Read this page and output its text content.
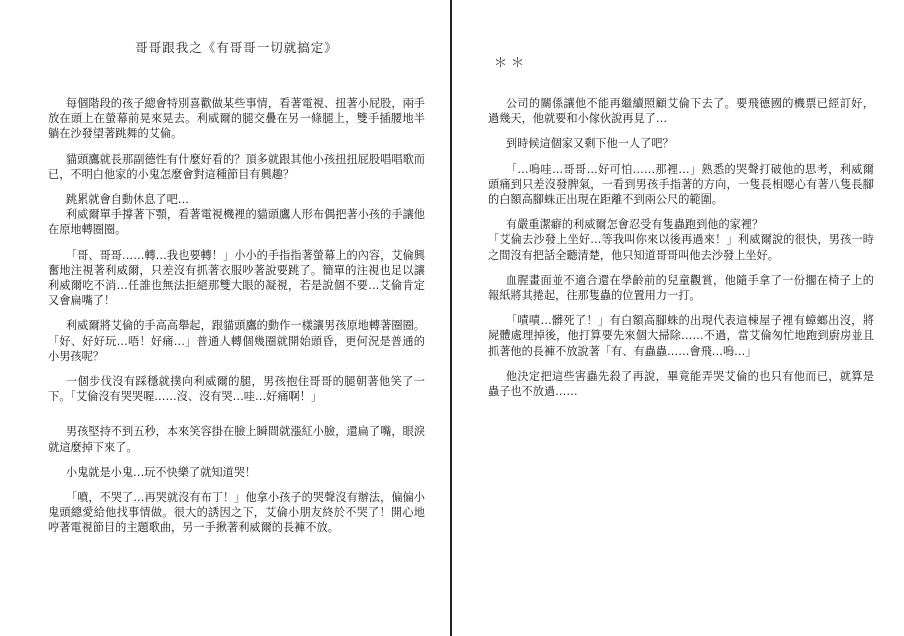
哥哥跟我之《有哥哥一切就搞定》

每個階段的孩子總會特別喜歡做某些事情，看著電視、扭著小屁股，兩手放在頭上在螢幕前晃來晃去。利威爾的腿交疊在另一條腿上，雙手插腰地半躺在沙發望著跳舞的艾倫。

貓頭鷹就長那副德性有什麼好看的？頂多就跟其他小孩扭扭屁股唱唱歌而已，不明白他家的小鬼怎麼會對這種節目有興趣？

跳累就會自動休息了吧…

利威爾單手撐著下顎，看著電視機裡的貓頭鷹人形布偶把著小孩的手讓他在原地轉圈圈。

「哥、哥哥……轉…我也要轉！」小小的手指指著螢幕上的內容，艾倫興奮地注視著利威爾，只差沒有抓著衣服吵著說要跳了。簡單的注視也足以讓利威爾吃不消…任誰也無法拒絕那雙大眼的凝視，若是說個不要…艾倫肯定又會扁嘴了！

利威爾將艾倫的手高高舉起，跟貓頭鷹的動作一樣讓男孩原地轉著圈圈。「好、好好玩…唔！好痛…」普通人轉個幾圈就開始頭昏，更何況是普通的小男孩呢？

一個步伐沒有踩穩就撲向利威爾的腿，男孩抱住哥哥的腿朝著他笑了一下。「艾倫沒有哭哭喔……沒、沒有哭…哇…好痛啊！」

男孩堅持不到五秒，本來笑容掛在臉上瞬間就漲紅小臉，還扁了嘴，眼淚就這麼掉下來了。

小鬼就是小鬼…玩不快樂了就知道哭！

「噴，不哭了…再哭就沒有布丁！」他拿小孩子的哭聲沒有辦法，偏偏小鬼頭總愛給他找事情做。很大的誘因之下，艾倫小朋友終於不哭了！開心地哼著電視節目的主題歌曲，另一手揪著利威爾的長褲不放。

＊＊

公司的關係讓他不能再繼續照顧艾倫下去了。要飛德國的機票已經訂好，過幾天，他就要和小傢伙說再見了…

到時候這個家又剩下他一人了吧？

「…嗚哇…哥哥…好可怕……那裡…」熟悉的哭聲打破他的思考，利威爾頭痛到只差沒發脾氣，一看到男孩手指著的方向，一隻長相噁心有著八隻長腳的白額高腳蛛正出現在距離不到兩公尺的範圍。

有嚴重潔癖的利威爾怎會忍受有隻蟲跑到他的家裡？

「艾倫去沙發上坐好…等我叫你來以後再過來！」利威爾說的很快，男孩一時之間沒有把話全聽清楚，他只知道哥哥叫他去沙發上坐好。

血腥畫面並不適合還在學齡前的兒童觀賞，他隨手拿了一份擱在椅子上的報紙將其捲起，往那隻蟲的位置用力一打。

「嘖嘖…髒死了！」有白額高腳蛛的出現代表這棟屋子裡有蟑螂出沒，將屍體處理掉後，他打算要先來個大掃除……不過，當艾倫匆忙地跑到廚房並且抓著他的長褲不放說著「有、有蟲蟲……會飛…嗚…」

他決定把這些害蟲先殺了再說，畢竟能弄哭艾倫的也只有他而已，就算是蟲子也不放過……
